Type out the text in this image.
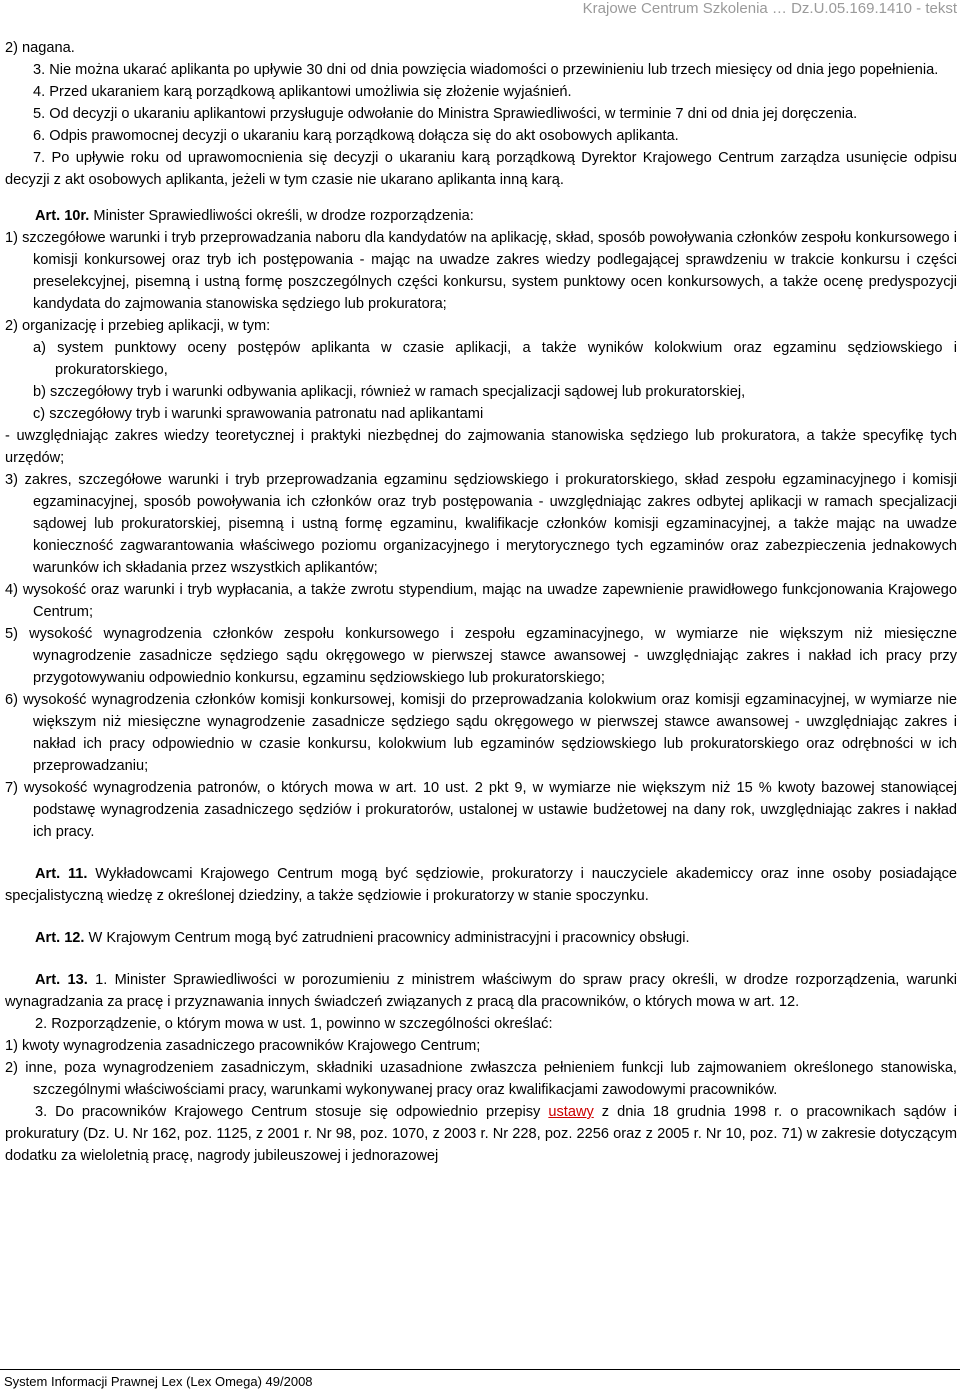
Krajowe Centrum Szkolenia … Dz.U.05.169.1410 - tekst

2) nagana.

3. Nie można ukarać aplikanta po upływie 30 dni od dnia powzięcia wiadomości o przewinieniu lub trzech miesięcy od dnia jego popełnienia.

4. Przed ukaraniem karą porządkową aplikantowi umożliwia się złożenie wyjaśnień.

5. Od decyzji o ukaraniu aplikantowi przysługuje odwołanie do Ministra Sprawiedliwości, w terminie 7 dni od dnia jej doręczenia.

6. Odpis prawomocnej decyzji o ukaraniu karą porządkową dołącza się do akt osobowych aplikanta.

7. Po upływie roku od uprawomocnienia się decyzji o ukaraniu karą porządkową Dyrektor Krajowego Centrum zarządza usunięcie odpisu decyzji z akt osobowych aplikanta, jeżeli w tym czasie nie ukarano aplikanta inną karą.

Art. 10r. Minister Sprawiedliwości określi, w drodze rozporządzenia:

1) szczegółowe warunki i tryb przeprowadzania naboru dla kandydatów na aplikację, skład, sposób powoływania członków zespołu konkursowego i komisji konkursowej oraz tryb ich postępowania - mając na uwadze zakres wiedzy podlegającej sprawdzeniu w trakcie konkursu i części preselekcyjnej, pisemną i ustną formę poszczególnych części konkursu, system punktowy ocen konkursowych, a także ocenę predyspozycji kandydata do zajmowania stanowiska sędziego lub prokuratora;

2) organizację i przebieg aplikacji, w tym:

a) system punktowy oceny postępów aplikanta w czasie aplikacji, a także wyników kolokwium oraz egzaminu sędziowskiego i prokuratorskiego,

b) szczegółowy tryb i warunki odbywania aplikacji, również w ramach specjalizacji sądowej lub prokuratorskiej,

c) szczegółowy tryb i warunki sprawowania patronatu nad aplikantami

- uwzględniając zakres wiedzy teoretycznej i praktyki niezbędnej do zajmowania stanowiska sędziego lub prokuratora, a także specyfikę tych urzędów;

3) zakres, szczegółowe warunki i tryb przeprowadzania egzaminu sędziowskiego i prokuratorskiego, skład zespołu egzaminacyjnego i komisji egzaminacyjnej, sposób powoływania ich członków oraz tryb postępowania - uwzględniając zakres odbytej aplikacji w ramach specjalizacji sądowej lub prokuratorskiej, pisemną i ustną formę egzaminu, kwalifikacje członków komisji egzaminacyjnej, a także mając na uwadze konieczność zagwarantowania właściwego poziomu organizacyjnego i merytorycznego tych egzaminów oraz zabezpieczenia jednakowych warunków ich składania przez wszystkich aplikantów;

4) wysokość oraz warunki i tryb wypłacania, a także zwrotu stypendium, mając na uwadze zapewnienie prawidłowego funkcjonowania Krajowego Centrum;

5) wysokość wynagrodzenia członków zespołu konkursowego i zespołu egzaminacyjnego, w wymiarze nie większym niż miesięczne wynagrodzenie zasadnicze sędziego sądu okręgowego w pierwszej stawce awansowej - uwzględniając zakres i nakład ich pracy przy przygotowywaniu odpowiednio konkursu, egzaminu sędziowskiego lub prokuratorskiego;

6) wysokość wynagrodzenia członków komisji konkursowej, komisji do przeprowadzania kolokwium oraz komisji egzaminacyjnej, w wymiarze nie większym niż miesięczne wynagrodzenie zasadnicze sędziego sądu okręgowego w pierwszej stawce awansowej - uwzględniając zakres i nakład ich pracy odpowiednio w czasie konkursu, kolokwium lub egzaminów sędziowskiego lub prokuratorskiego oraz odrębności w ich przeprowadzaniu;

7) wysokość wynagrodzenia patronów, o których mowa w art. 10 ust. 2 pkt 9, w wymiarze nie większym niż 15 % kwoty bazowej stanowiącej podstawę wynagrodzenia zasadniczego sędziów i prokuratorów, ustalonej w ustawie budżetowej na dany rok, uwzględniając zakres i nakład ich pracy.

Art. 11. Wykładowcami Krajowego Centrum mogą być sędziowie, prokuratorzy i nauczyciele akademiccy oraz inne osoby posiadające specjalistyczną wiedzę z określonej dziedziny, a także sędziowie i prokuratorzy w stanie spoczynku.

Art. 12. W Krajowym Centrum mogą być zatrudnieni pracownicy administracyjni i pracownicy obsługi.

Art. 13. 1. Minister Sprawiedliwości w porozumieniu z ministrem właściwym do spraw pracy określi, w drodze rozporządzenia, warunki wynagradzania za pracę i przyznawania innych świadczeń związanych z pracą dla pracowników, o których mowa w art. 12.

2. Rozporządzenie, o którym mowa w ust. 1, powinno w szczególności określać:

1) kwoty wynagrodzenia zasadniczego pracowników Krajowego Centrum;

2) inne, poza wynagrodzeniem zasadniczym, składniki uzasadnione zwłaszcza pełnieniem funkcji lub zajmowaniem określonego stanowiska, szczególnymi właściwościami pracy, warunkami wykonywanej pracy oraz kwalifikacjami zawodowymi pracowników.

3. Do pracowników Krajowego Centrum stosuje się odpowiednio przepisy ustawy z dnia 18 grudnia 1998 r. o pracownikach sądów i prokuratury (Dz. U. Nr 162, poz. 1125, z 2001 r. Nr 98, poz. 1070, z 2003 r. Nr 228, poz. 2256 oraz z 2005 r. Nr 10, poz. 71) w zakresie dotyczącym dodatku za wieloletnią pracę, nagrody jubileuszowej i jednorazowej

System Informacji Prawnej Lex (Lex Omega) 49/2008
